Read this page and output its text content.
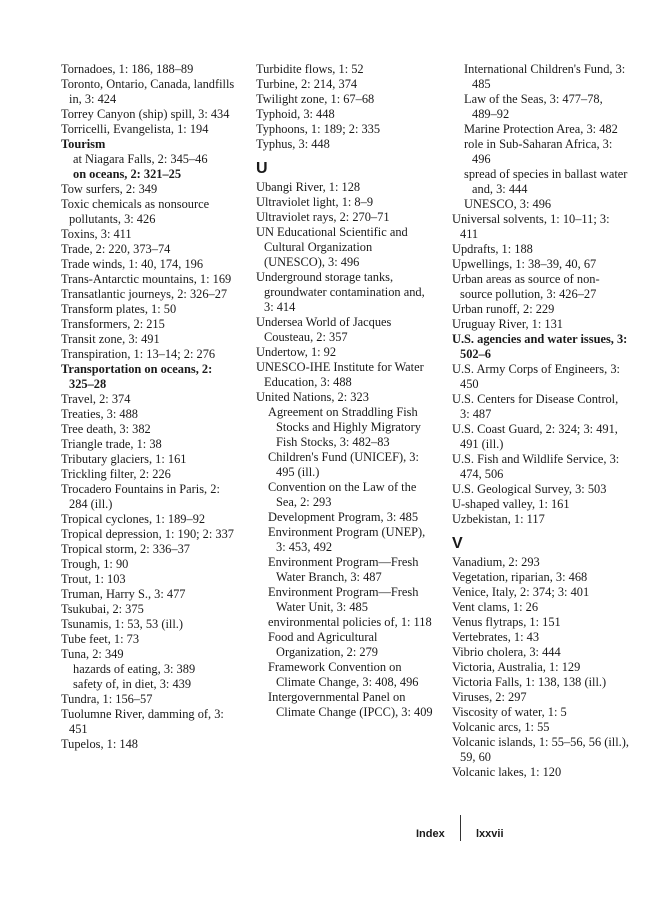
Tornadoes, 1: 186, 188–89
Toronto, Ontario, Canada, landfills in, 3: 424
Torrey Canyon (ship) spill, 3: 434
Torricelli, Evangelista, 1: 194
Tourism
at Niagara Falls, 2: 345–46
on oceans, 2: 321–25
Tow surfers, 2: 349
Toxic chemicals as nonsource pollutants, 3: 426
Toxins, 3: 411
Trade, 2: 220, 373–74
Trade winds, 1: 40, 174, 196
Trans-Antarctic mountains, 1: 169
Transatlantic journeys, 2: 326–27
Transform plates, 1: 50
Transformers, 2: 215
Transit zone, 3: 491
Transpiration, 1: 13–14; 2: 276
Transportation on oceans, 2: 325–28
Travel, 2: 374
Treaties, 3: 488
Tree death, 3: 382
Triangle trade, 1: 38
Tributary glaciers, 1: 161
Trickling filter, 2: 226
Trocadero Fountains in Paris, 2: 284 (ill.)
Tropical cyclones, 1: 189–92
Tropical depression, 1: 190; 2: 337
Tropical storm, 2: 336–37
Trough, 1: 90
Trout, 1: 103
Truman, Harry S., 3: 477
Tsukubai, 2: 375
Tsunamis, 1: 53, 53 (ill.)
Tube feet, 1: 73
Tuna, 2: 349
hazards of eating, 3: 389
safety of, in diet, 3: 439
Tundra, 1: 156–57
Tuolumne River, damming of, 3: 451
Tupelos, 1: 148
Turbidite flows, 1: 52
Turbine, 2: 214, 374
Twilight zone, 1: 67–68
Typhoid, 3: 448
Typhoons, 1: 189; 2: 335
Typhus, 3: 448
U
Ubangi River, 1: 128
Ultraviolet light, 1: 8–9
Ultraviolet rays, 2: 270–71
UN Educational Scientific and Cultural Organization (UNESCO), 3: 496
Underground storage tanks, groundwater contamination and, 3: 414
Undersea World of Jacques Cousteau, 2: 357
Undertow, 1: 92
UNESCO-IHE Institute for Water Education, 3: 488
United Nations, 2: 323
Agreement on Straddling Fish Stocks and Highly Migratory Fish Stocks, 3: 482–83
Children's Fund (UNICEF), 3: 495 (ill.)
Convention on the Law of the Sea, 2: 293
Development Program, 3: 485
Environment Program (UNEP), 3: 453, 492
Environment Program—Fresh Water Branch, 3: 487
Environment Program—Fresh Water Unit, 3: 485
environmental policies of, 1: 118
Food and Agricultural Organization, 2: 279
Framework Convention on Climate Change, 3: 408, 496
Intergovernmental Panel on Climate Change (IPCC), 3: 409
International Children's Fund, 3: 485
Law of the Seas, 3: 477–78, 489–92
Marine Protection Area, 3: 482
role in Sub-Saharan Africa, 3: 496
spread of species in ballast water and, 3: 444
UNESCO, 3: 496
Universal solvents, 1: 10–11; 3: 411
Updrafts, 1: 188
Upwellings, 1: 38–39, 40, 67
Urban areas as source of non-source pollution, 3: 426–27
Urban runoff, 2: 229
Uruguay River, 1: 131
U.S. agencies and water issues, 3: 502–6
U.S. Army Corps of Engineers, 3: 450
U.S. Centers for Disease Control, 3: 487
U.S. Coast Guard, 2: 324; 3: 491, 491 (ill.)
U.S. Fish and Wildlife Service, 3: 474, 506
U.S. Geological Survey, 3: 503
U-shaped valley, 1: 161
Uzbekistan, 1: 117
V
Vanadium, 2: 293
Vegetation, riparian, 3: 468
Venice, Italy, 2: 374; 3: 401
Vent clams, 1: 26
Venus flytraps, 1: 151
Vertebrates, 1: 43
Vibrio cholera, 3: 444
Victoria, Australia, 1: 129
Victoria Falls, 1: 138, 138 (ill.)
Viruses, 2: 297
Viscosity of water, 1: 5
Volcanic arcs, 1: 55
Volcanic islands, 1: 55–56, 56 (ill.), 59, 60
Volcanic lakes, 1: 120
Index	lxxvii
